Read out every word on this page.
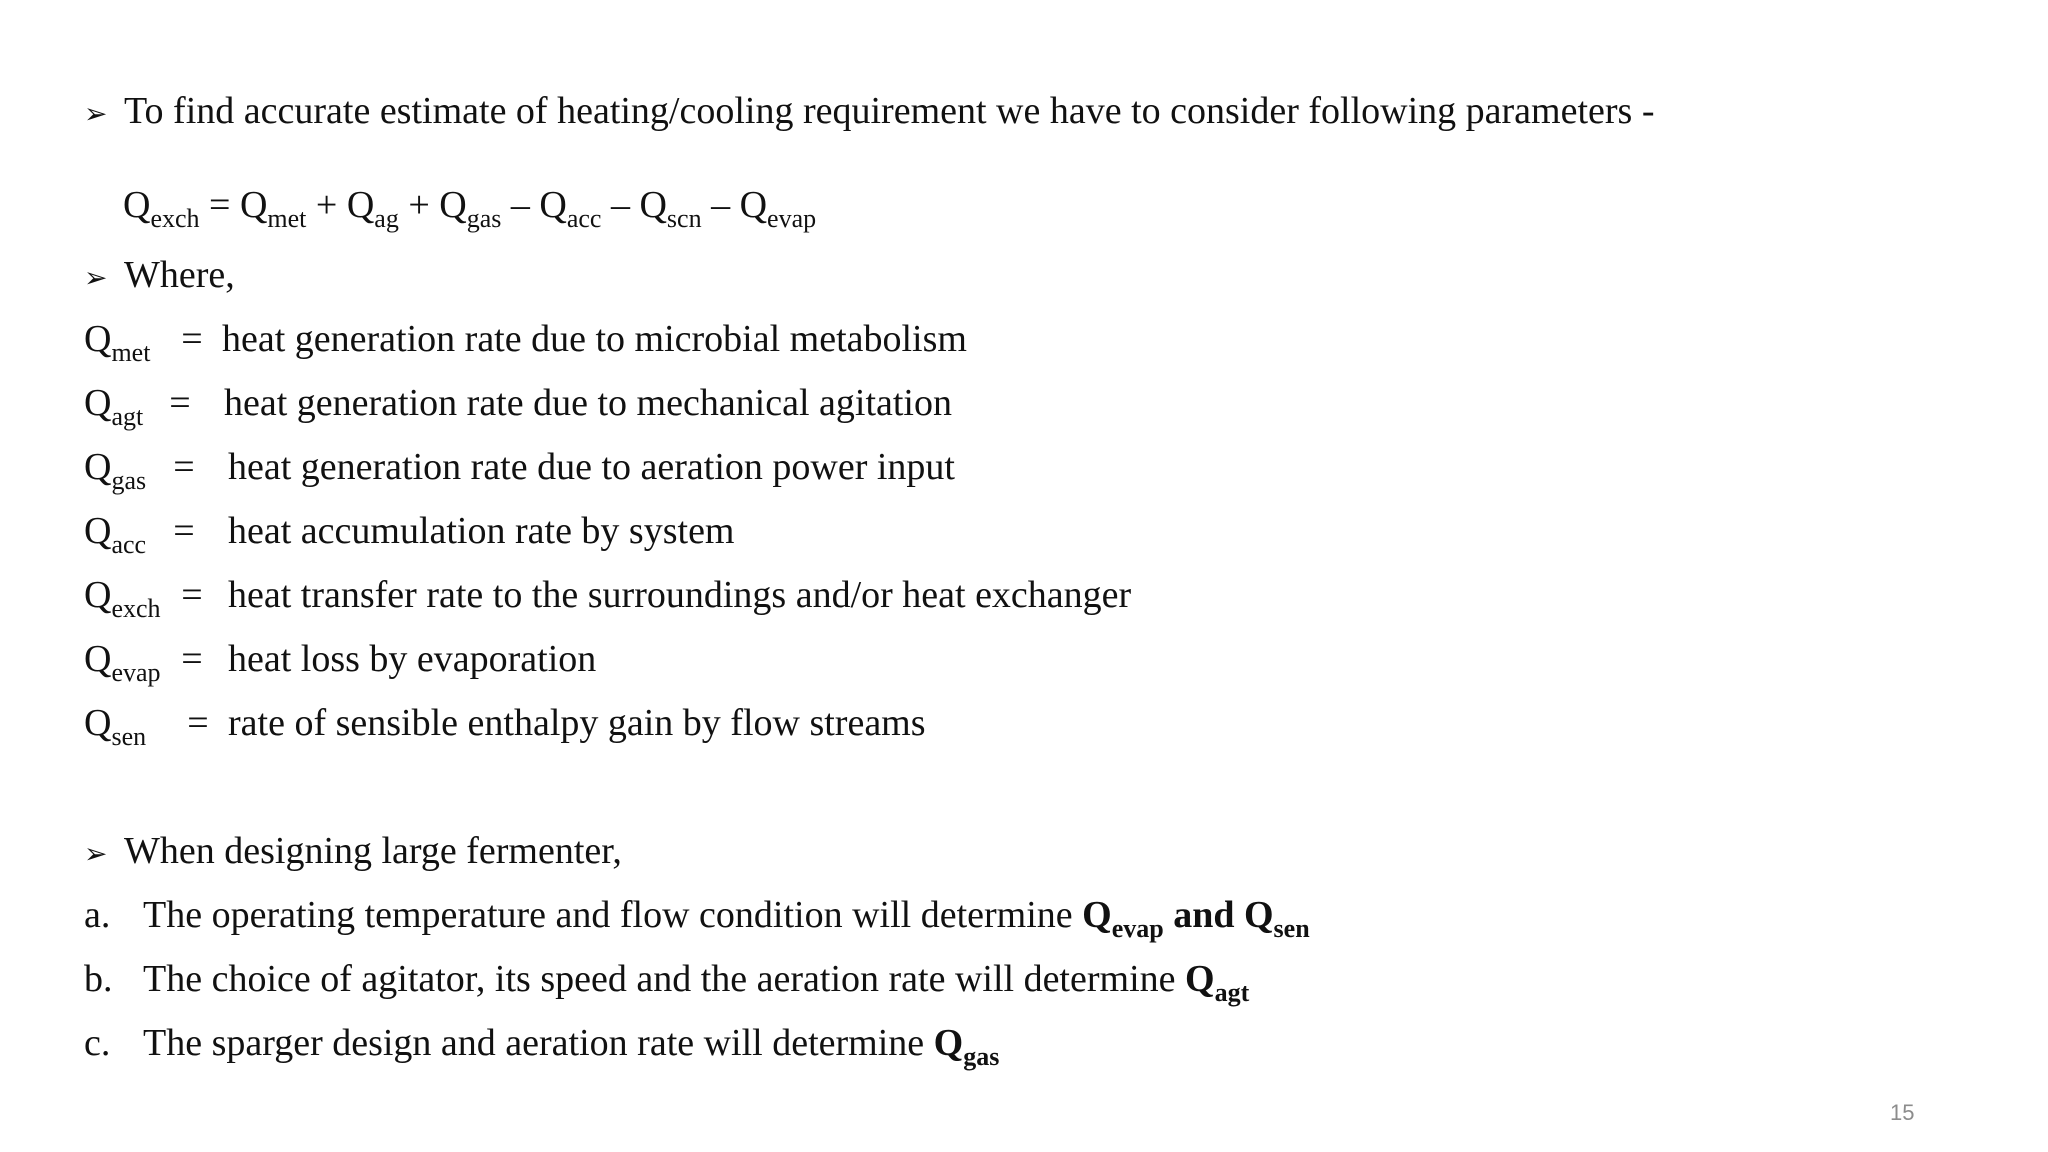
➢ To find accurate estimate of heating/cooling requirement we have to consider following parameters -
$Q_{exch} = Q_{met} + Q_{ag} + Q_{gas} - Q_{acc} - Q_{scn} - Q_{evap}$
➢ Where,
$Q_{met}$ = heat generation rate due to microbial metabolism
$Q_{agt}$ = heat generation rate due to mechanical agitation
$Q_{gas}$ = heat generation rate due to aeration power input
$Q_{acc}$ = heat accumulation rate by system
$Q_{exch}$ = heat transfer rate to the surroundings and/or heat exchanger
$Q_{evap}$ = heat loss by evaporation
$Q_{sen}$ = rate of sensible enthalpy gain by flow streams
➢ When designing large fermenter,
a. The operating temperature and flow condition will determine $Q_{evap}$ and $Q_{sen}$
b. The choice of agitator, its speed and the aeration rate will determine $Q_{agt}$
c. The sparger design and aeration rate will determine $Q_{gas}$
15
